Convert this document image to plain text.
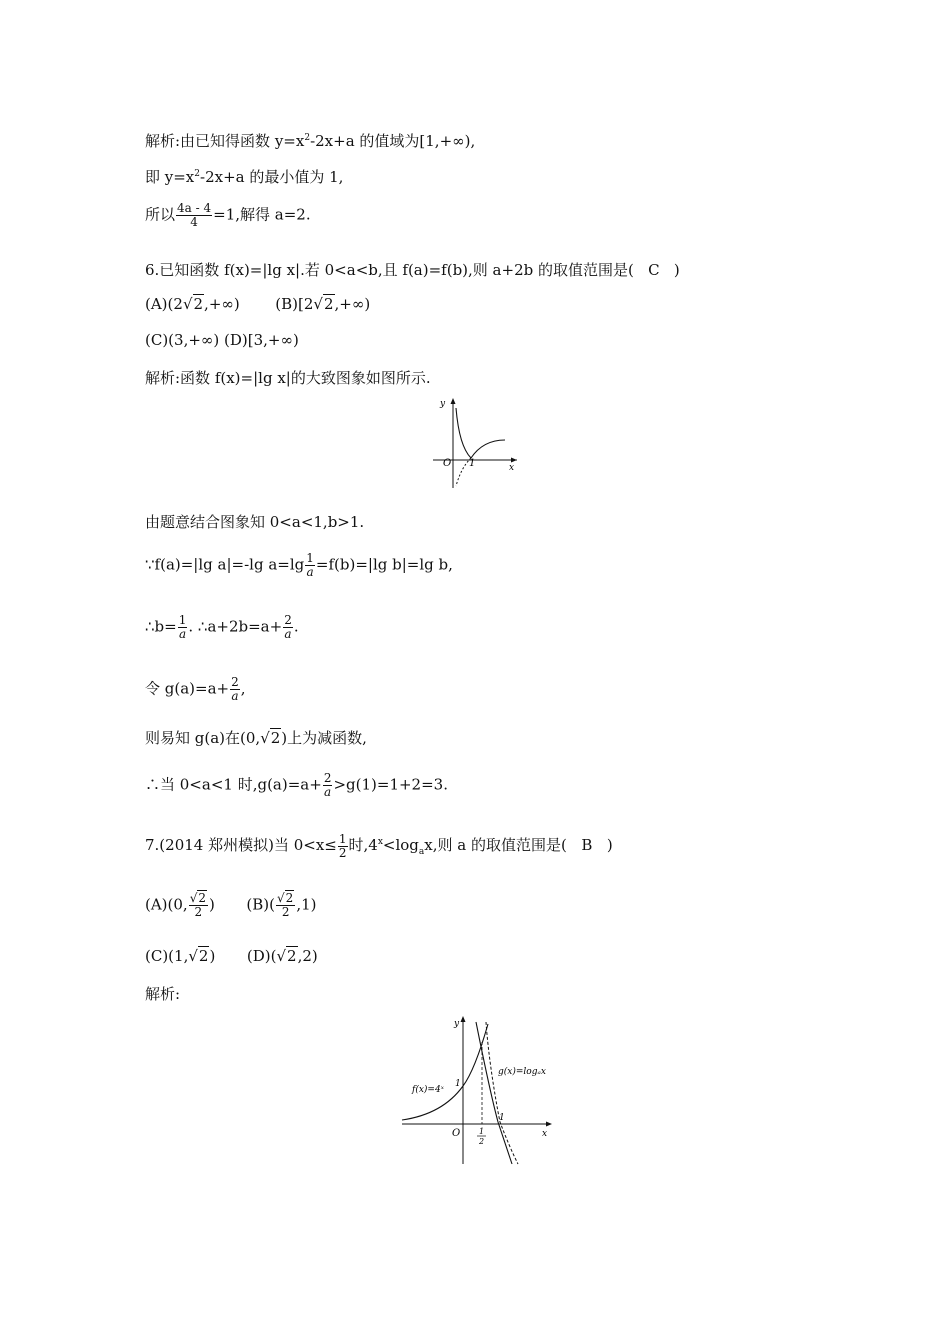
解析:由已知得函数 $y=x^2-2x+a$ 的值域为[1,+∞),
即 $y=x^2-2x+a$ 的最小值为 1,
所以 $\frac{4a - 4}{4} =1$,解得 a=2.
6.已知函数 f(x)=|lg x|.若 0<a<b,且 f(a)=f(b),则 a+2b 的取值范围是( C )
(A)(2√2,+∞) (B)[2√2,+∞)
(C)(3,+∞) (D)[3,+∞)
解析:函数 f(x)=|lg x|的大致图象如图所示.
y
x
O 1
由题意结合图象知 0<a<1,b>1.
∵f(a)=|lg a|=-lg $a=\lg \frac{1}{a} =f(b)=|\lg$ b|=lg b,
∴b= $\frac{1}{a}$ . ∴a+2b=a+ $\frac{2}{a}$ .
令 $g(a)=a+ \frac{2}{a}$ ,
则易知 g(a)在(0,√2)上为减函数,
∴当 0<a<1 时$,g(a)=a+ \frac{2}{a} >g(1)=1+2=3$.
7.(2014 郑州模拟)当 $0<x\le \frac{1}{2}$ 时$,4^x<\log_ax$,则 a 的取值范围是( B )
(A)(0, $\frac{√2}{2}$ ) $(B)( \frac{√2}{2} ,1)$
(C)(1,√2) (D)(√2,2)
解析:
y
x
O
1
1
1
2
f(x)=4ˣ
g(x)=logₐx
